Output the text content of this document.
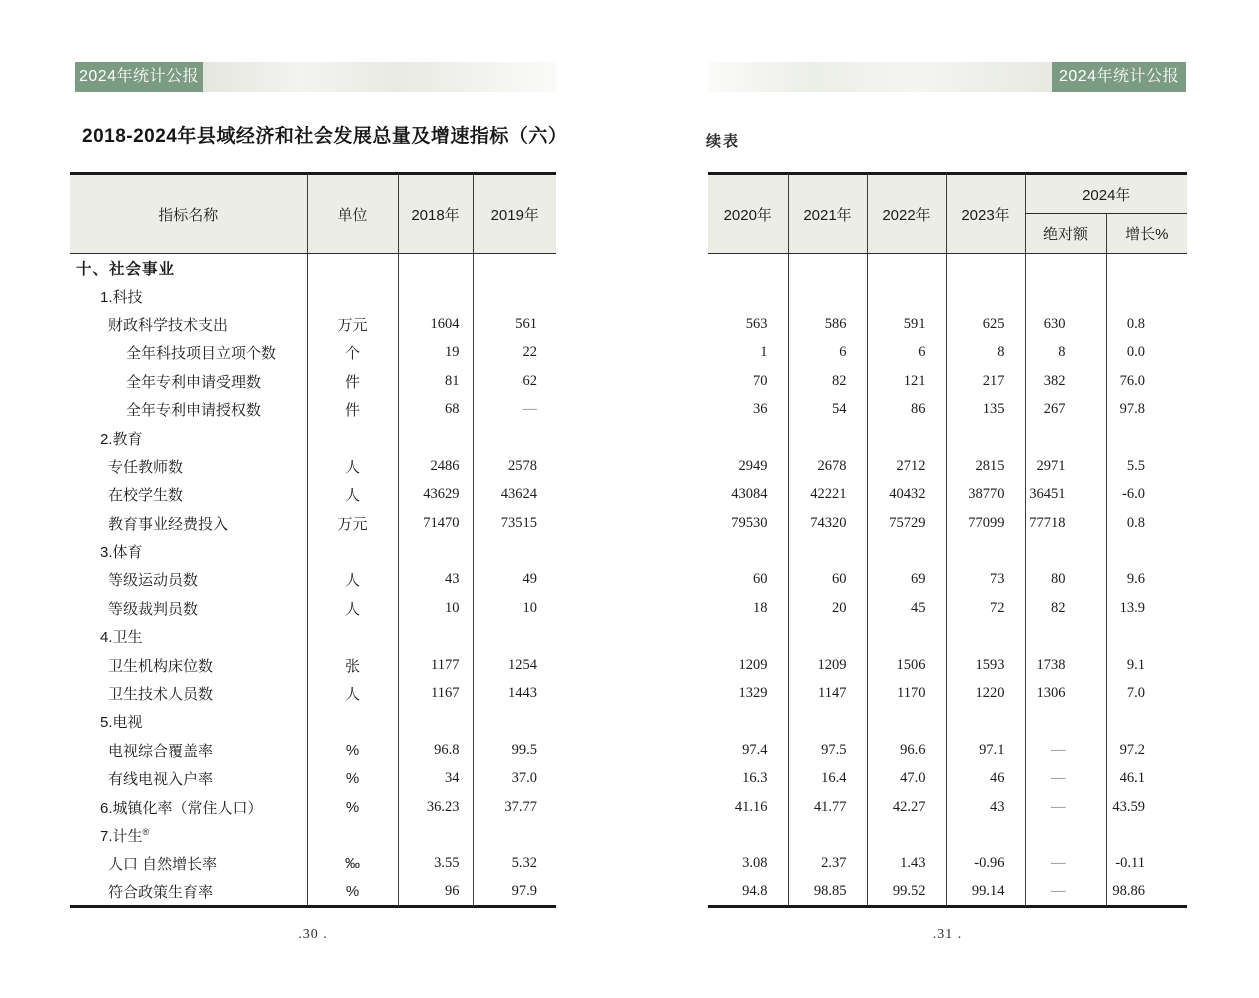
2024年统计公报	2024年统计公报
2018-2024年县域经济和社会发展总量及增速指标（六）	续表
指标名称	单位	2018年	2019年
十、社会事业			
1.科技			
财政科学技术支出	万元	1604	561
全年科技项目立项个数	个	19	22
全年专利申请受理数	件	81	62
全年专利申请授权数	件	68	—
2.教育			
专任教师数	人	2486	2578
在校学生数	人	43629	43624
教育事业经费投入	万元	71470	73515
3.体育			
等级运动员数	人	43	49
等级裁判员数	人	10	10
4.卫生			
卫生机构床位数	张	1177	1254
卫生技术人员数	人	1167	1443
5.电视			
电视综合覆盖率	%	96.8	99.5
有线电视入户率	%	34	37.0
6.城镇化率（常住人口）	%	36.23	37.77
7.计生®			
人口 自然增长率	‰	3.55	5.32
符合政策生育率	%	96	97.9
2020年	2021年	2022年	2023年	2024年	
				绝对额	增长%

563	586	591	625	630	0.8
1	6	6	8	8	0.0
70	82	121	217	382	76.0
36	54	86	135	267	97.8

2949	2678	2712	2815	2971	5.5
43084	42221	40432	38770	36451	-6.0
79530	74320	75729	77099	77718	0.8

60	60	69	73	80	9.6
18	20	45	72	82	13.9

1209	1209	1506	1593	1738	9.1
1329	1147	1170	1220	1306	7.0

97.4	97.5	96.6	97.1	—	97.2
16.3	16.4	47.0	46	—	46.1
41.16	41.77	42.27	43	—	43.59

3.08	2.37	1.43	-0.96	—	-0.11
94.8	98.85	99.52	99.14	—	98.86
.30 .	.31 .
